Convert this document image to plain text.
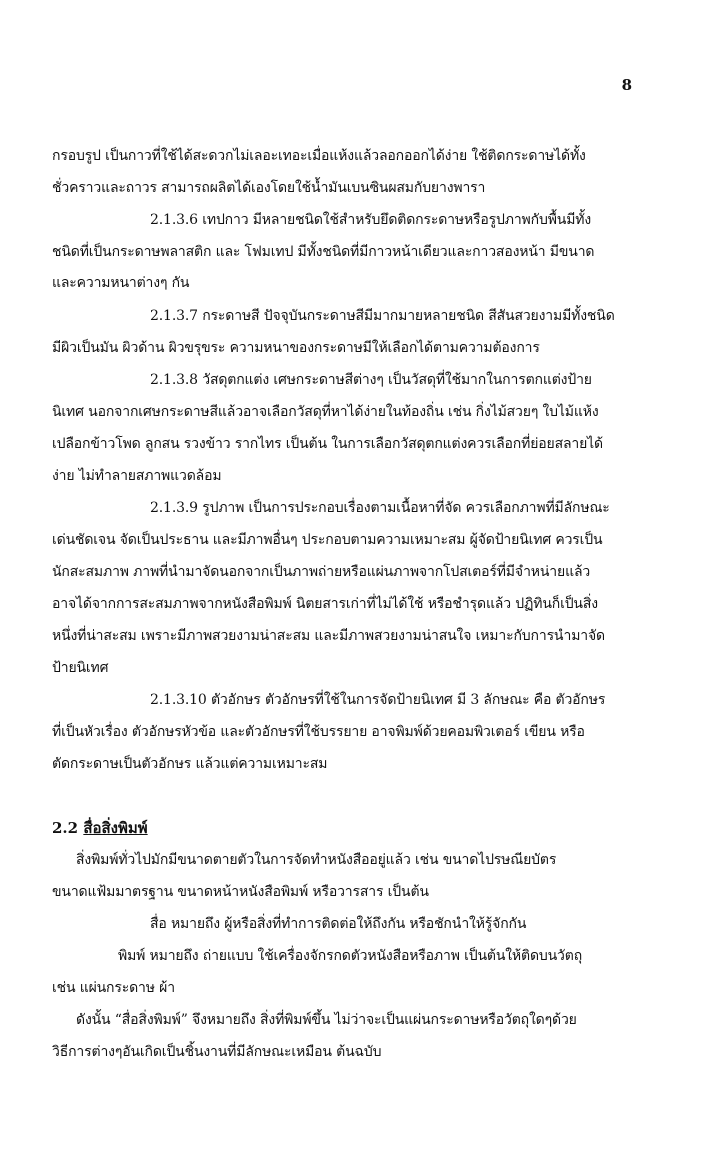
8
กรอบรูป เป็นกาวที่ใช้ได้สะดวกไม่เลอะเทอะเมื่อแห้งแล้วลอกออกได้ง่าย ใช้ติดกระดาษได้ทั้ง
ชั่วคราวและถาวร สามารถผลิตได้เองโดยใช้น้ำมันเบนซินผสมกับยางพารา
2.1.3.6 เทปกาว มีหลายชนิดใช้สำหรับยึดติดกระดาษหรือรูปภาพกับพื้นมีทั้ง
ชนิดที่เป็นกระดาษพลาสติก และ โฟมเทป มีทั้งชนิดที่มีกาวหน้าเดียวและกาวสองหน้า มีขนาด
และความหนาต่างๆ กัน
2.1.3.7 กระดาษสี ปัจจุบันกระดาษสีมีมากมายหลายชนิด สีสันสวยงามมีทั้งชนิด
มีผิวเป็นมัน ผิวด้าน ผิวขรุขระ ความหนาของกระดาษมีให้เลือกได้ตามความต้องการ
2.1.3.8 วัสดุตกแต่ง เศษกระดาษสีต่างๆ เป็นวัสดุที่ใช้มากในการตกแต่งป้าย
นิเทศ นอกจากเศษกระดาษสีแล้วอาจเลือกวัสดุที่หาได้ง่ายในท้องถิ่น เช่น กิ่งไม้สวยๆ ใบไม้แห้ง
เปลือกข้าวโพด ลูกสน รวงข้าว รากไทร เป็นต้น ในการเลือกวัสดุตกแต่งควรเลือกที่ย่อยสลายได้
ง่าย ไม่ทำลายสภาพแวดล้อม
2.1.3.9 รูปภาพ เป็นการประกอบเรื่องตามเนื้อหาที่จัด ควรเลือกภาพที่มีลักษณะ
เด่นชัดเจน จัดเป็นประธาน และมีภาพอื่นๆ ประกอบตามความเหมาะสม ผู้จัดป้ายนิเทศ ควรเป็น
นักสะสมภาพ ภาพที่นำมาจัดนอกจากเป็นภาพถ่ายหรือแผ่นภาพจากโปสเตอร์ที่มีจำหน่ายแล้ว
อาจได้จากการสะสมภาพจากหนังสือพิมพ์ นิตยสารเก่าที่ไม่ได้ใช้ หรือชำรุดแล้ว ปฏิทินก็เป็นสิ่ง
หนึ่งที่น่าสะสม เพราะมีภาพสวยงามน่าสะสม และมีภาพสวยงามน่าสนใจ เหมาะกับการนำมาจัด
ป้ายนิเทศ
2.1.3.10 ตัวอักษร ตัวอักษรที่ใช้ในการจัดป้ายนิเทศ มี 3 ลักษณะ คือ ตัวอักษร
ที่เป็นหัวเรื่อง ตัวอักษรหัวข้อ และตัวอักษรที่ใช้บรรยาย อาจพิมพ์ด้วยคอมพิวเตอร์ เขียน หรือ
ตัดกระดาษเป็นตัวอักษร แล้วแต่ความเหมาะสม
2.2 สื่อสิ่งพิมพ์
สิ่งพิมพ์ทั่วไปมักมีขนาดตายตัวในการจัดทำหนังสืออยู่แล้ว เช่น ขนาดไปรษณียบัตร
ขนาดแฟ้มมาตรฐาน ขนาดหน้าหนังสือพิมพ์ หรือวารสาร เป็นต้น
สื่อ หมายถึง ผู้หรือสิ่งที่ทำการติดต่อให้ถึงกัน หรือชักนำให้รู้จักกัน
พิมพ์ หมายถึง ถ่ายแบบ ใช้เครื่องจักรกดตัวหนังสือหรือภาพ เป็นต้นให้ติดบนวัตถุ
เช่น แผ่นกระดาษ ผ้า
ดังนั้น “สื่อสิ่งพิมพ์” จึงหมายถึง สิ่งที่พิมพ์ขึ้น ไม่ว่าจะเป็นแผ่นกระดาษหรือวัตถุใดๆด้วย
วิธีการต่างๆอันเกิดเป็นชิ้นงานที่มีลักษณะเหมือน ต้นฉบับ
